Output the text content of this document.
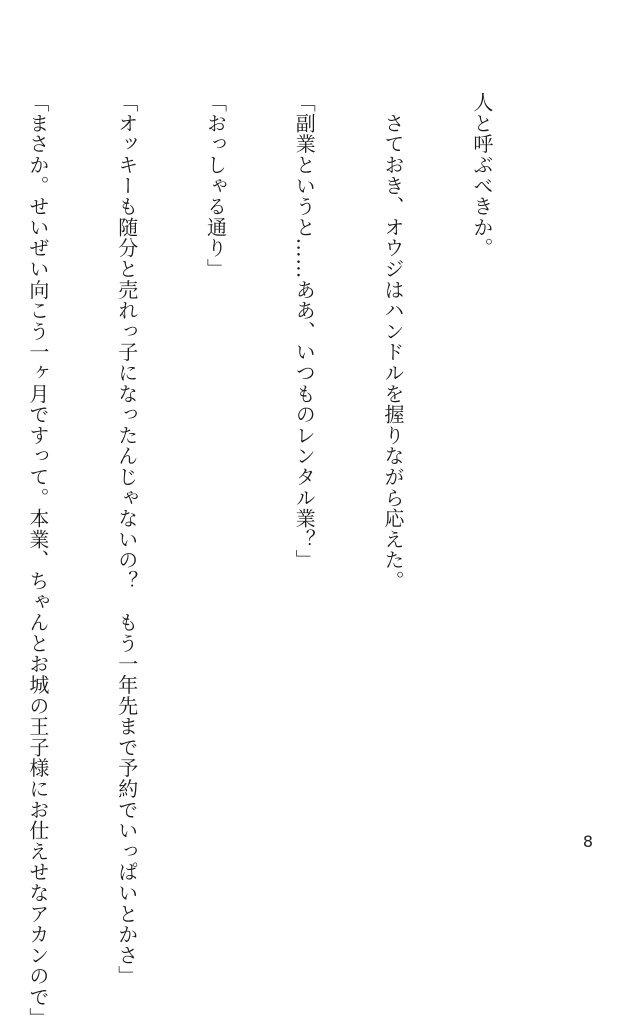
人と呼ぶべきか。

　さておき、オウジはハンドルを握りながら応えた。

「副業というと……ああ、いつものレンタル業？」

「おっしゃる通り」

「オッキーも随分と売れっ子になったんじゃないの？　もう一年先まで予約でいっぱいとかさ」

「まさか。せいぜい向こう一ヶ月ですって。本業、ちゃんとお城の王子様にお仕えせなアカンので」

	8
